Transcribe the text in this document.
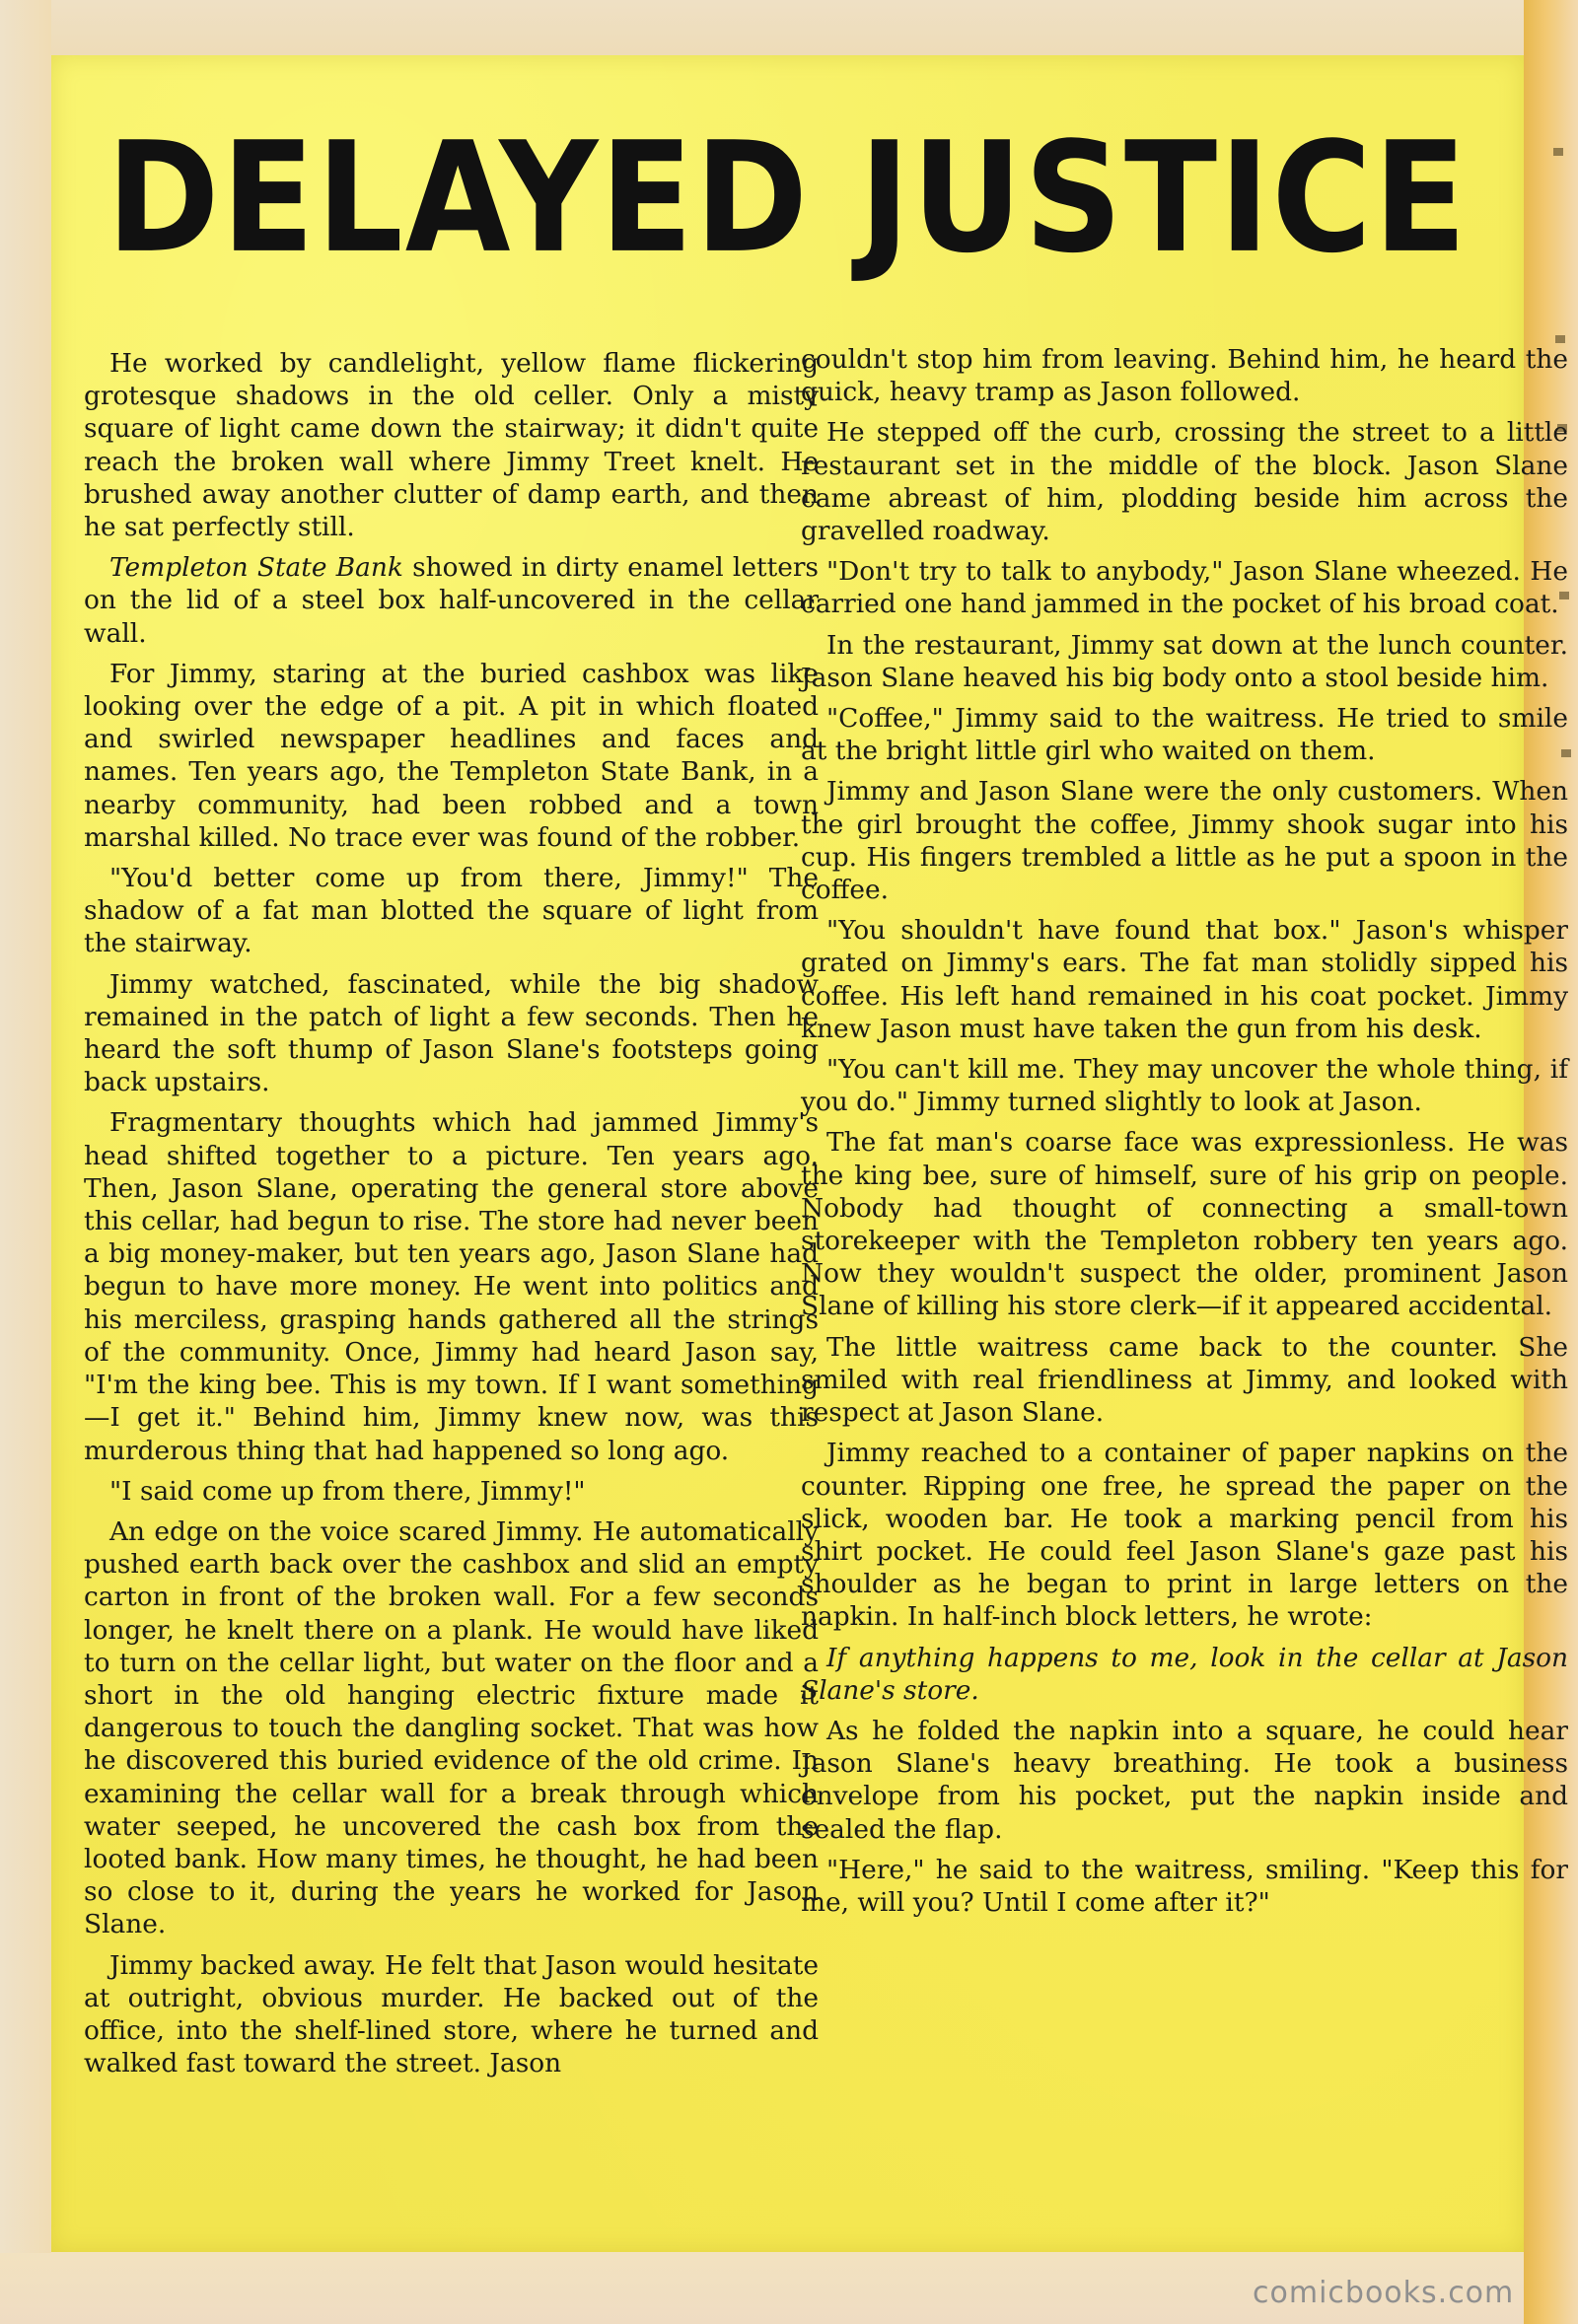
DELAYED JUSTICE

He worked by candlelight, yellow flame flickering grotesque shadows in the old celler. Only a misty square of light came down the stairway; it didn't quite reach the broken wall where Jimmy Treet knelt. He brushed away another clutter of damp earth, and then he sat perfectly still.

Templeton State Bank showed in dirty enamel letters on the lid of a steel box half-uncovered in the cellar wall.

For Jimmy, staring at the buried cashbox was like looking over the edge of a pit. A pit in which floated and swirled newspaper headlines and faces and names. Ten years ago, the Templeton State Bank, in a nearby community, had been robbed and a town marshal killed. No trace ever was found of the robber.

"You'd better come up from there, Jimmy!" The shadow of a fat man blotted the square of light from the stairway.

Jimmy watched, fascinated, while the big shadow remained in the patch of light a few seconds. Then he heard the soft thump of Jason Slane's footsteps going back upstairs.

Fragmentary thoughts which had jammed Jimmy's head shifted together to a picture. Ten years ago. Then, Jason Slane, operating the general store above this cellar, had begun to rise. The store had never been a big money-maker, but ten years ago, Jason Slane had begun to have more money. He went into politics and his merciless, grasping hands gathered all the strings of the community. Once, Jimmy had heard Jason say, "I'm the king bee. This is my town. If I want something—I get it." Behind him, Jimmy knew now, was this murderous thing that had happened so long ago.

"I said come up from there, Jimmy!"

An edge on the voice scared Jimmy. He automatically pushed earth back over the cashbox and slid an empty carton in front of the broken wall. For a few seconds longer, he knelt there on a plank. He would have liked to turn on the cellar light, but water on the floor and a short in the old hanging electric fixture made it dangerous to touch the dangling socket. That was how he discovered this buried evidence of the old crime. In examining the cellar wall for a break through which water seeped, he uncovered the cash box from the looted bank. How many times, he thought, he had been so close to it, during the years he worked for Jason Slane.

Jimmy backed away. He felt that Jason would hesitate at outright, obvious murder. He backed out of the office, into the shelf-lined store, where he turned and walked fast toward the street. Jason

couldn't stop him from leaving. Behind him, he heard the quick, heavy tramp as Jason followed.

He stepped off the curb, crossing the street to a little restaurant set in the middle of the block. Jason Slane came abreast of him, plodding beside him across the gravelled roadway.

"Don't try to talk to anybody," Jason Slane wheezed. He carried one hand jammed in the pocket of his broad coat.

In the restaurant, Jimmy sat down at the lunch counter. Jason Slane heaved his big body onto a stool beside him.

"Coffee," Jimmy said to the waitress. He tried to smile at the bright little girl who waited on them.

Jimmy and Jason Slane were the only customers. When the girl brought the coffee, Jimmy shook sugar into his cup. His fingers trembled a little as he put a spoon in the coffee.

"You shouldn't have found that box." Jason's whisper grated on Jimmy's ears. The fat man stolidly sipped his coffee. His left hand remained in his coat pocket. Jimmy knew Jason must have taken the gun from his desk.

"You can't kill me. They may uncover the whole thing, if you do." Jimmy turned slightly to look at Jason.

The fat man's coarse face was expressionless. He was the king bee, sure of himself, sure of his grip on people. Nobody had thought of connecting a small-town storekeeper with the Templeton robbery ten years ago. Now they wouldn't suspect the older, prominent Jason Slane of killing his store clerk—if it appeared accidental.

The little waitress came back to the counter. She smiled with real friendliness at Jimmy, and looked with respect at Jason Slane.

Jimmy reached to a container of paper napkins on the counter. Ripping one free, he spread the paper on the slick, wooden bar. He took a marking pencil from his shirt pocket. He could feel Jason Slane's gaze past his shoulder as he began to print in large letters on the napkin. In half-inch block letters, he wrote:

If anything happens to me, look in the cellar at Jason Slane's store.

As he folded the napkin into a square, he could hear Jason Slane's heavy breathing. He took a business envelope from his pocket, put the napkin inside and sealed the flap.

"Here," he said to the waitress, smiling. "Keep this for me, will you? Until I come after it?"

comicbooks.com
